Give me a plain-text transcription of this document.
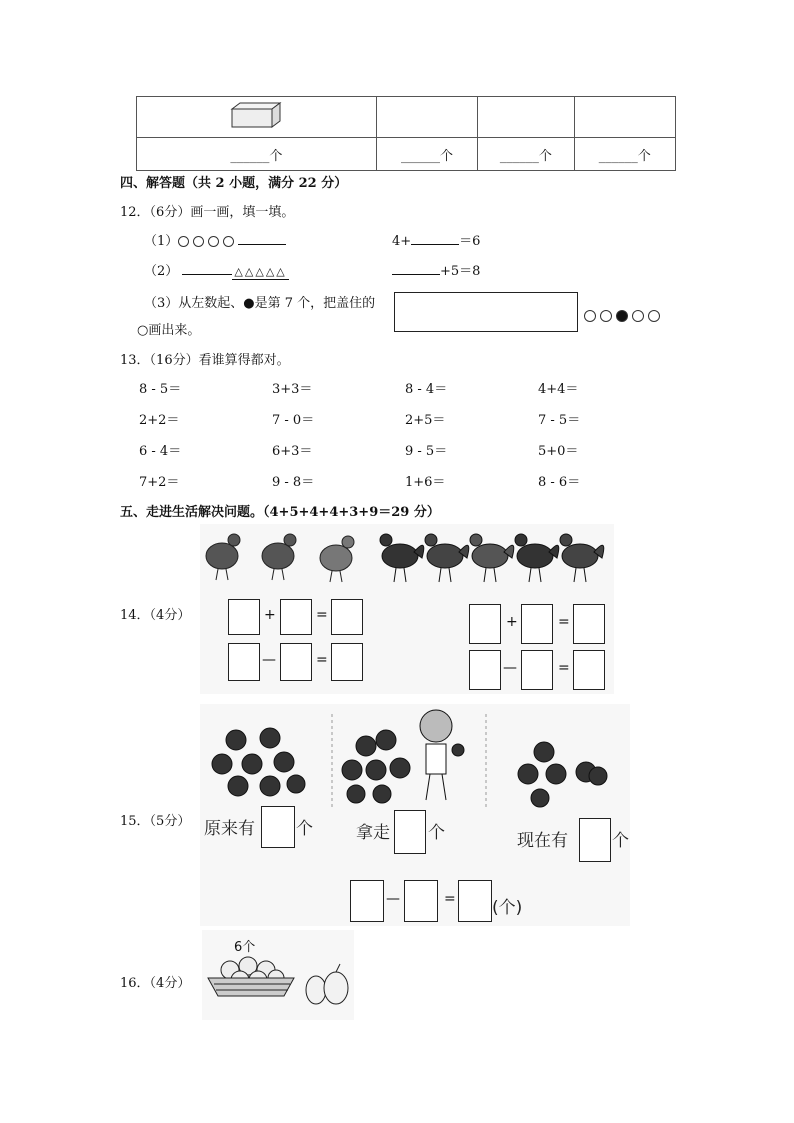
______个	______个	______个	______个
四、解答题（共 2 小题，满分 22 分）
12．（6分）画一画，填一填。
（1）	4+	＝6
（2）	△ △ △ △ △	+5＝8
（3）从左数起、●是第 7 个，把盖住的
○画出来。
13．（16分）看谁算得都对。
8 - 5＝	3+3＝	8 - 4＝	4+4＝
2+2＝	7 - 0＝	2+5＝	7 - 5＝
6 - 4＝	6+3＝	9 - 5＝	5+0＝
7+2＝	9 - 8＝	1+6＝	8 - 6＝
五、走进生活解决问题。（4+5+4+4+3+9＝29 分）
14．（4分）	+	=
—	=
+	=
—	=
15．（5分） 原来有 个	拿走 个	现在有	个
—	= (个)
6个
16．（4分）
